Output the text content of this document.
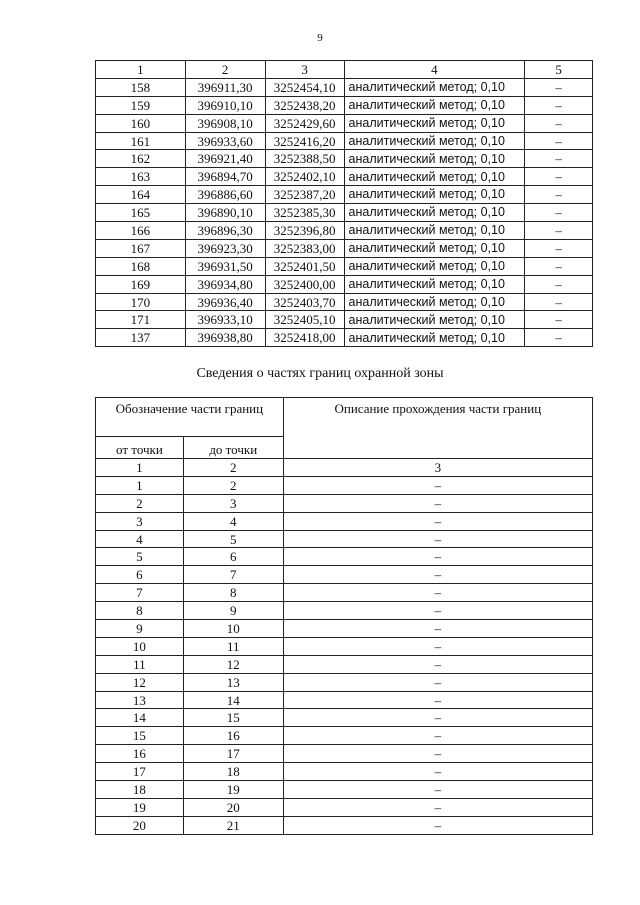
9
1	2	3	4	5
158	396911,30	3252454,10	аналитический метод; 0,10	–
159	396910,10	3252438,20	аналитический метод; 0,10	–
160	396908,10	3252429,60	аналитический метод; 0,10	–
161	396933,60	3252416,20	аналитический метод; 0,10	–
162	396921,40	3252388,50	аналитический метод; 0,10	–
163	396894,70	3252402,10	аналитический метод; 0,10	–
164	396886,60	3252387,20	аналитический метод; 0,10	–
165	396890,10	3252385,30	аналитический метод; 0,10	–
166	396896,30	3252396,80	аналитический метод; 0,10	–
167	396923,30	3252383,00	аналитический метод; 0,10	–
168	396931,50	3252401,50	аналитический метод; 0,10	–
169	396934,80	3252400,00	аналитический метод; 0,10	–
170	396936,40	3252403,70	аналитический метод; 0,10	–
171	396933,10	3252405,10	аналитический метод; 0,10	–
137	396938,80	3252418,00	аналитический метод; 0,10	–
Сведения о частях границ охранной зоны
Обозначение части границ		Описание прохождения части границ
от точки	до точки	
1	2	3
1	2	–
2	3	–
3	4	–
4	5	–
5	6	–
6	7	–
7	8	–
8	9	–
9	10	–
10	11	–
11	12	–
12	13	–
13	14	–
14	15	–
15	16	–
16	17	–
17	18	–
18	19	–
19	20	–
20	21	–
